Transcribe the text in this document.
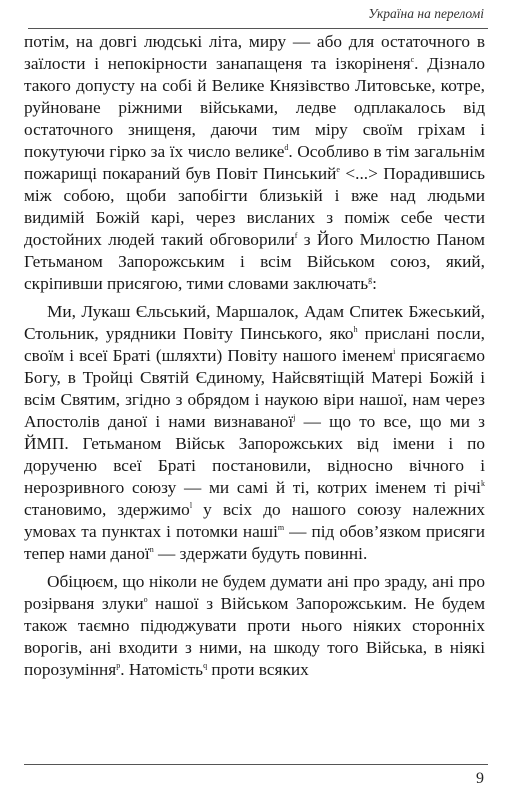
Україна на переломі

потім, на довгі людські літа, миру — або для остаточного в заїлости і непокірности занапащеня та ізкоріненя$^c$. Дізнало такого допусту на собі й Велике Князівство Литовське, котре, руйноване ріжними військами, ледве одплакалось від остаточного знищеня, даючи тим міру своїм гріхам і покутуючи гірко за їх число велике$^d$. Особливо в тім загальнім пожарищі покараний був Повіт Пинський$^e$ <...> Порадившись між собою, щоби запобігти близькій і вже над людьми видимій Божій карі, через висланих з поміж себе чести достойних людей такий обговорили$^f$ з Його Милостю Паном Гетьманом Запорожським і всім Військом союз, який, скріпивши присягою, тими словами заключать$^g$:

Ми, Лукаш Єльський, Маршалок, Адам Спитек Бжеський, Стольник, урядники Повіту Пинського, яко$^h$ прислані посли, своїм і всеї Браті (шляхти) Повіту нашого іменем$^i$ присягаємо Богу, в Тройці Святій Єдиному, Найсвятіщій Матері Божій і всім Святим, згідно з обрядом і наукою віри нашої, нам через Апостолів даної і нами визнаваної$^j$ — що то все, що ми з ЙМП. Гетьманом Військ Запорожських від імени і по доручeню всеї Браті постановили, відносно вічного і нерозривного союзу — ми самі й ті, котрих іменем ті річі$^k$ становимо, здержимо$^l$ у всіх до нашого союзу належних умовах та пунктах і потомки наші$^m$ — під обов’язком присяги тепер нами даної$^n$ — здержати будуть повинні.

Обіцюєм, що ніколи не будем думати ані про зраду, ані про розірваня злуки$^o$ нашої з Військом Запорожським. Не будем також таємно підюджувати проти нього ніяких сторонніх ворогів, ані входити з ними, на шкоду того Війська, в ніякі порозуміння$^p$. Натомість$^q$ проти всяких

9
